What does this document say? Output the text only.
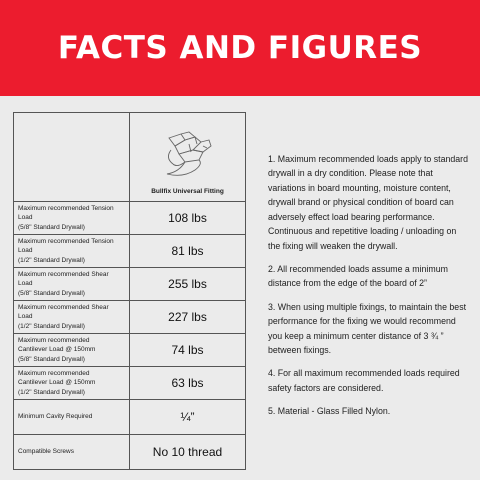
FACTS AND FIGURES

	Bullfix Universal Fitting

Maximum recommended Tension
Load
(5/8" Standard Drywall)	108 lbs

Maximum recommended Tension
Load
(1/2" Standard Drywall)	81 lbs

Maximum recommended Shear
Load
(5/8" Standard Drywall)	255 lbs

Maximum recommended Shear
Load
(1/2" Standard Drywall)	227 lbs

Maximum recommended
Cantilever Load @ 150mm
(5/8" Standard Drywall)	74 lbs

Maximum recommended
Cantilever Load @ 150mm
(1/2" Standard Drywall)	63 lbs

Minimum Cavity Required	¼”

Compatible Screws	No 10 thread

1. Maximum recommended loads apply to standard drywall in a dry condition. Please note that variations in board mounting, moisture content, drywall brand or physical condition of board can adversely effect load bearing performance. Continuous and repetitive loading / unloading on the fixing will weaken the drywall.

2. All recommended loads assume a minimum distance from the edge of the board of 2”

3. When using multiple fixings, to maintain the best performance for the fixing we would recommend you keep a minimum center distance of 3 ¾ ” between fixings.

4. For all maximum recommended loads required safety factors are considered.

5. Material - Glass Filled Nylon.
